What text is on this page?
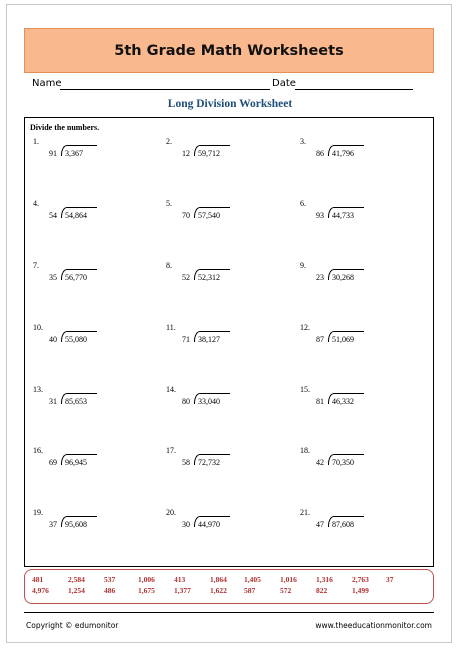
5th Grade Math Worksheets
Name	Date
Long Division Worksheet
Divide the numbers.
1.
91 3,367
2.
12 59,712
3.
86 41,796
4.
54 54,864
5.
70 57,540
6.
93 44,733
7.
35 56,770
8.
52 52,312
9.
23 30,268
10.
40 55,080
11.
71 38,127
12.
87 51,069
13.
31 85,653
14.
80 33,040
15.
81 46,332
16.
69 96,945
17.
58 72,732
18.
42 70,350
19.
37 95,608
20.
30 44,970
21.
47 87,608
481	2,584	537	1,006	413	1,864 1,405	1,016	1,316	2,763 37
4,976	1,254	486	1,675	1,377	1,622 587	572	822	1,499
Copyright © edumonitor	www.theeducationmonitor.com
